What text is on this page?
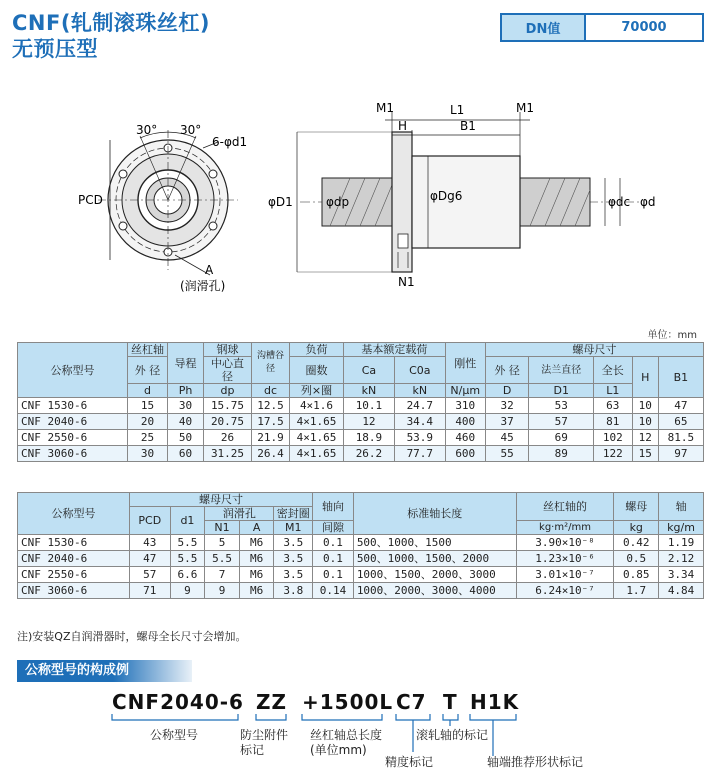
CNF(轧制滚珠丝杠)
无预压型
DN值	70000
30° 30°
6-φd1
PCD
A
(润滑孔)
M1	M1
L1
H	B1
φD1	φdp	φDg6	φdc φd
N1
单位：mm
公称型号	丝杠轴	导程	钢球	沟槽谷径	负荷	基本额定载荷		刚性	螺母尺寸				
	外 径		中心直径		圈数	Ca	C0a		外 径	法兰直径	全长	H	B1
	d	Ph	dp	dc	列×圈	kN	kN	N/μm	D	D1	L1		
CNF 1530-6	15	30	15.75	12.5	4×1.6	10.1	24.7	310	32	53	63	10	47
CNF 2040-6	20	40	20.75	17.5	4×1.65	12	34.4	400	37	57	81	10	65
CNF 2550-6	25	50	26	21.9	4×1.65	18.9	53.9	460	45	69	102	12	81.5
CNF 3060-6	30	60	31.25	26.4	4×1.65	26.2	77.7	600	55	89	122	15	97
公称型号	螺母尺寸					轴向	标准轴长度	丝杠轴的	螺母	轴
	PCD	d1	润滑孔		密封圈					
			N1	A	M1	间隙		kg·m²/mm	kg	kg/m
CNF 1530-6	43	5.5	5	M6	3.5	0.1	500、1000、1500	3.90×10⁻⁸	0.42	1.19
CNF 2040-6	47	5.5	5.5	M6	3.5	0.1	500、1000、1500、2000	1.23×10⁻⁶	0.5	2.12
CNF 2550-6	57	6.6	7	M6	3.5	0.1	1000、1500、2000、3000	3.01×10⁻⁷	0.85	3.34
CNF 3060-6	71	9	9	M6	3.8	0.14	1000、2000、3000、4000	6.24×10⁻⁷	1.7	4.84
注)安装QZ自润滑器时，螺母全长尺寸会增加。
公称型号的构成例
CNF2040-6 ZZ +1500L C7 T H1K
公称型号	防尘附件
标记
丝杠轴总长度
(单位mm)
滚轧轴的标记
精度标记	轴端推荐形状标记
